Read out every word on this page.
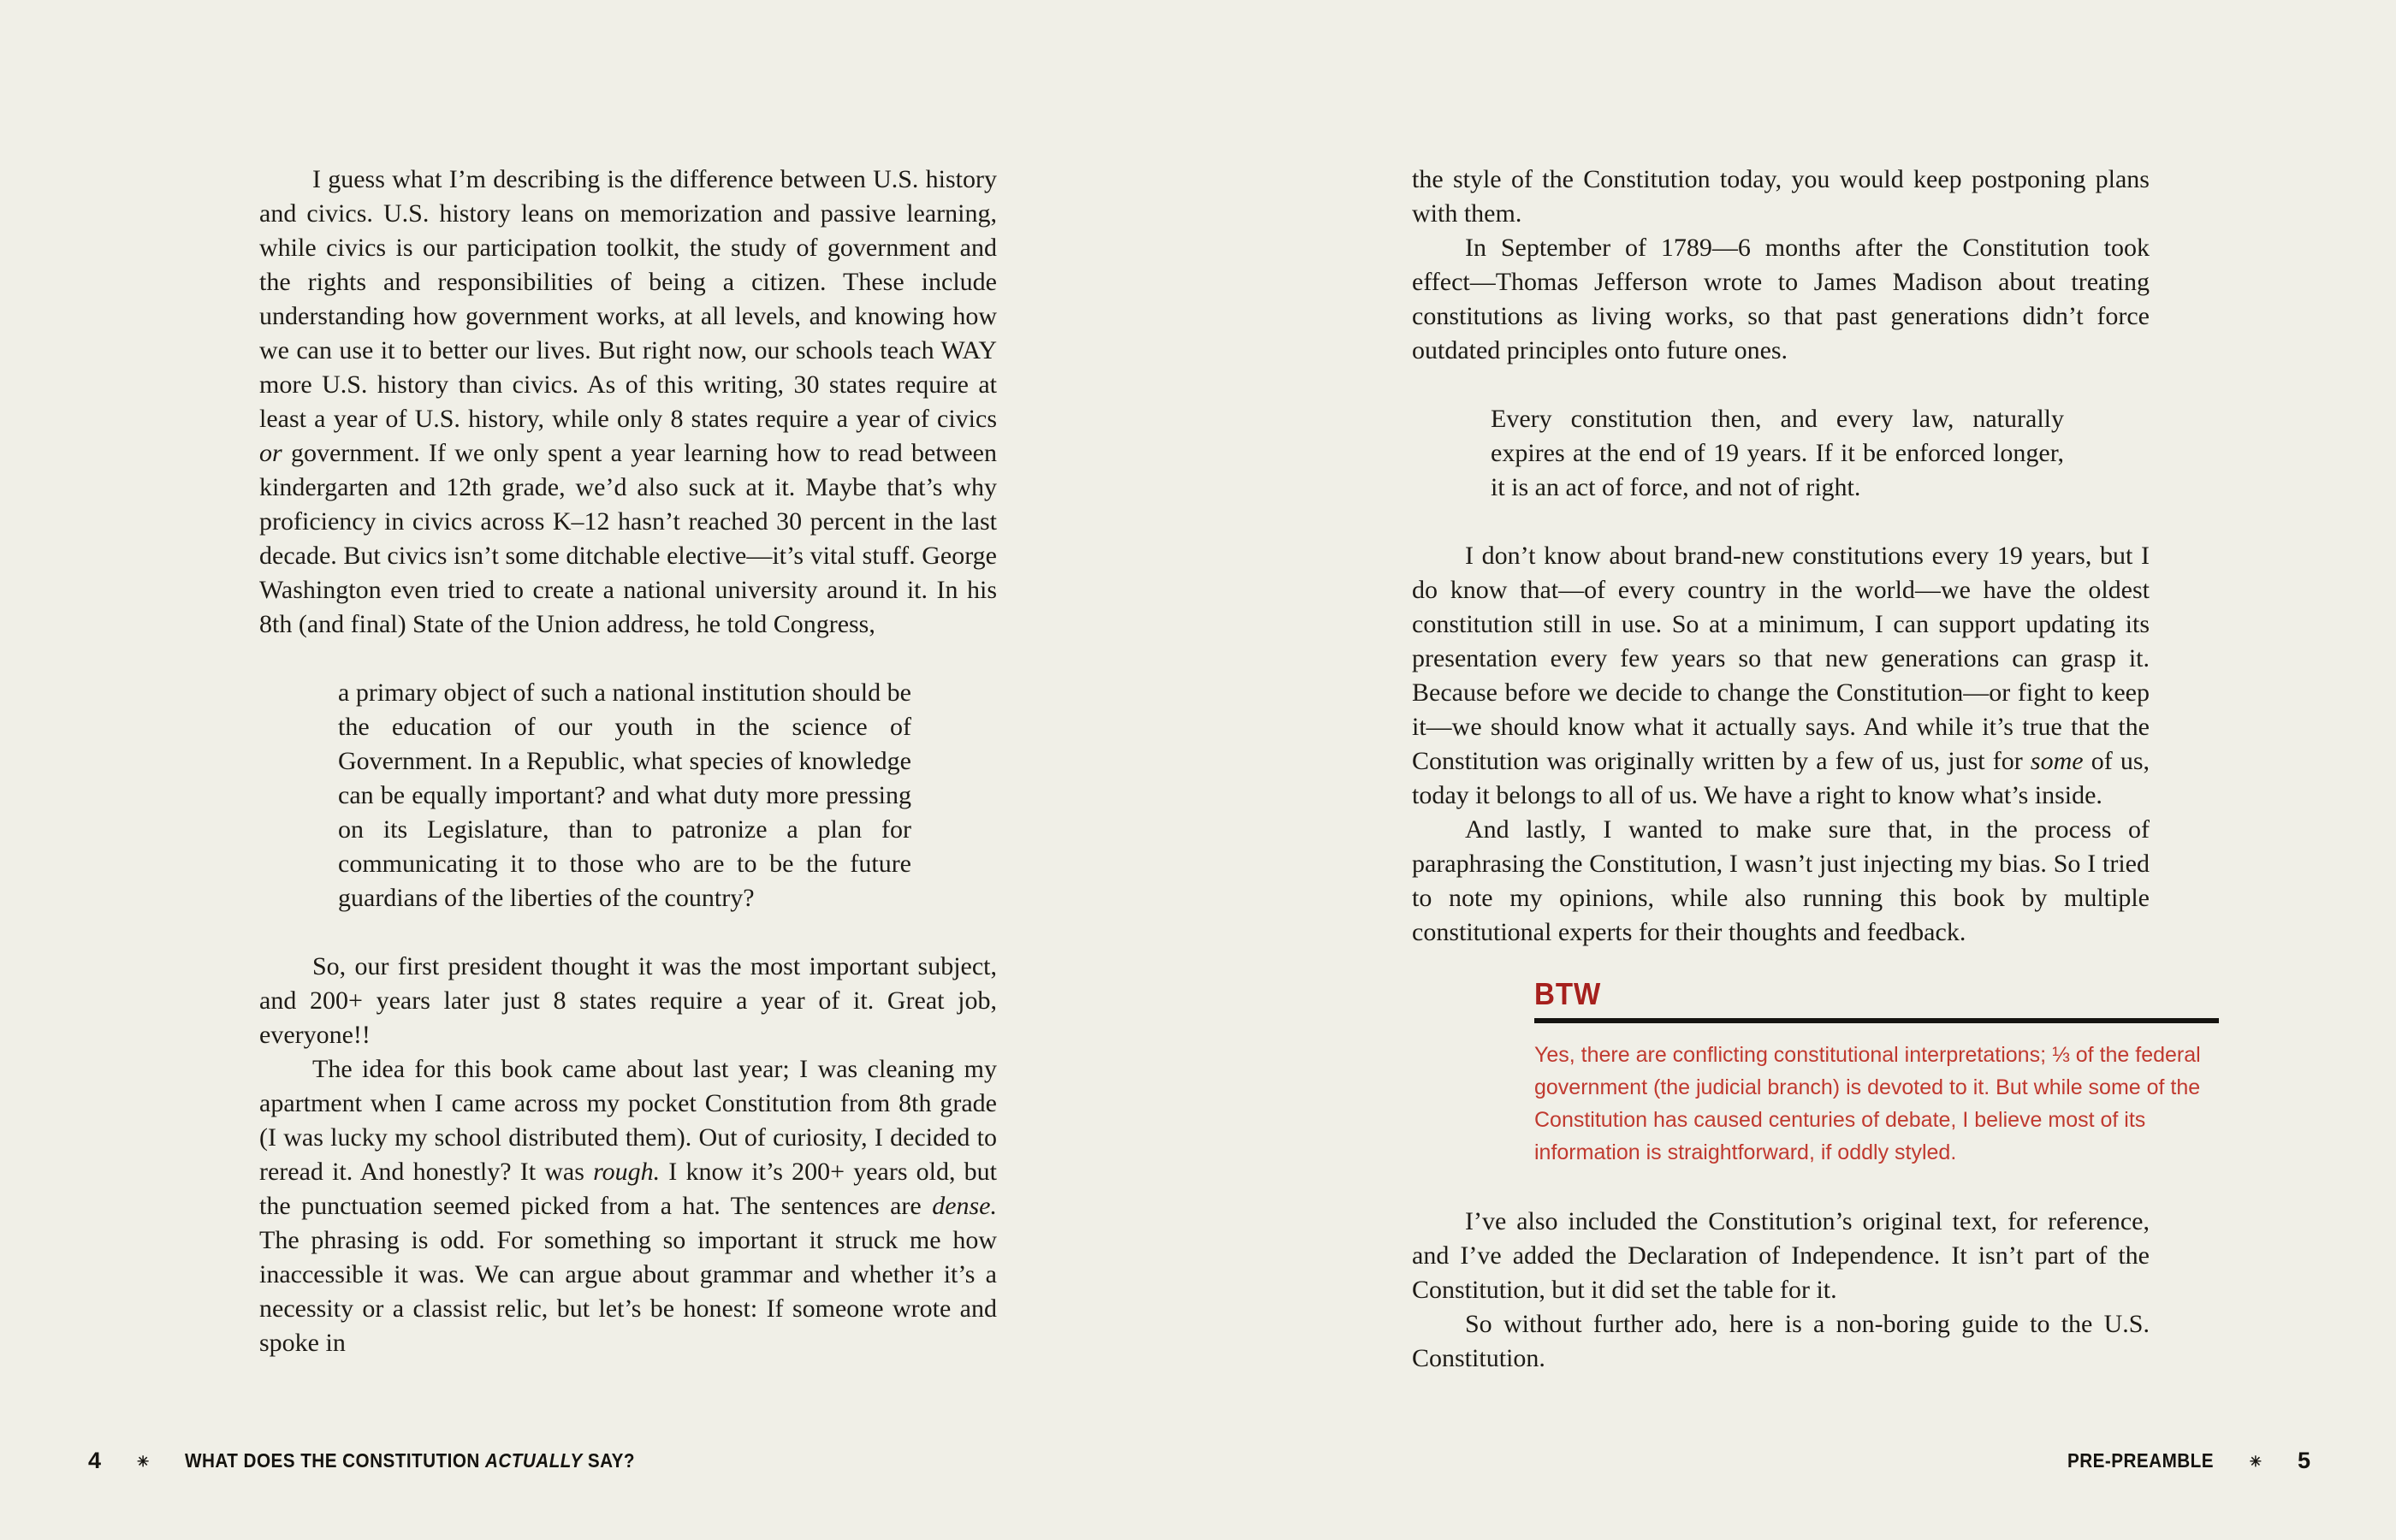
I guess what I’m describing is the difference between U.S. history and civics. U.S. history leans on memorization and passive learning, while civics is our participation toolkit, the study of government and the rights and responsibilities of being a citizen. These include understanding how government works, at all levels, and knowing how we can use it to better our lives. But right now, our schools teach WAY more U.S. history than civics. As of this writing, 30 states require at least a year of U.S. history, while only 8 states require a year of civics or government. If we only spent a year learning how to read between kindergarten and 12th grade, we’d also suck at it. Maybe that’s why proficiency in civics across K–12 hasn’t reached 30 percent in the last decade. But civics isn’t some ditchable elective—it’s vital stuff. George Washington even tried to create a national university around it. In his 8th (and final) State of the Union address, he told Congress,

a primary object of such a national institution should be the education of our youth in the science of Government. In a Republic, what species of knowledge can be equally important? and what duty more pressing on its Legislature, than to patronize a plan for communicating it to those who are to be the future guardians of the liberties of the country?

So, our first president thought it was the most important subject, and 200+ years later just 8 states require a year of it. Great job, everyone!!

The idea for this book came about last year; I was cleaning my apartment when I came across my pocket Constitution from 8th grade (I was lucky my school distributed them). Out of curiosity, I decided to reread it. And honestly? It was rough. I know it’s 200+ years old, but the punctuation seemed picked from a hat. The sentences are dense. The phrasing is odd. For something so important it struck me how inaccessible it was. We can argue about grammar and whether it’s a necessity or a classist relic, but let’s be honest: If someone wrote and spoke in

the style of the Constitution today, you would keep postponing plans with them.

In September of 1789—6 months after the Constitution took effect—Thomas Jefferson wrote to James Madison about treating constitutions as living works, so that past generations didn’t force outdated principles onto future ones.

Every constitution then, and every law, naturally expires at the end of 19 years. If it be enforced longer, it is an act of force, and not of right.

I don’t know about brand-new constitutions every 19 years, but I do know that—of every country in the world—we have the oldest constitution still in use. So at a minimum, I can support updating its presentation every few years so that new generations can grasp it. Because before we decide to change the Constitution—or fight to keep it—we should know what it actually says. And while it’s true that the Constitution was originally written by a few of us, just for some of us, today it belongs to all of us. We have a right to know what’s inside.

And lastly, I wanted to make sure that, in the process of paraphrasing the Constitution, I wasn’t just injecting my bias. So I tried to note my opinions, while also running this book by multiple constitutional experts for their thoughts and feedback.

BTW
Yes, there are conflicting constitutional interpretations; ⅓ of the federal government (the judicial branch) is devoted to it. But while some of the Constitution has caused centuries of debate, I believe most of its information is straightforward, if oddly styled.

I’ve also included the Constitution’s original text, for reference, and I’ve added the Declaration of Independence. It isn’t part of the Constitution, but it did set the table for it.

So without further ado, here is a non-boring guide to the U.S. Constitution.

4 ✳ WHAT DOES THE CONSTITUTION ACTUALLY SAY?	PRE-PREAMBLE ✳ 5
